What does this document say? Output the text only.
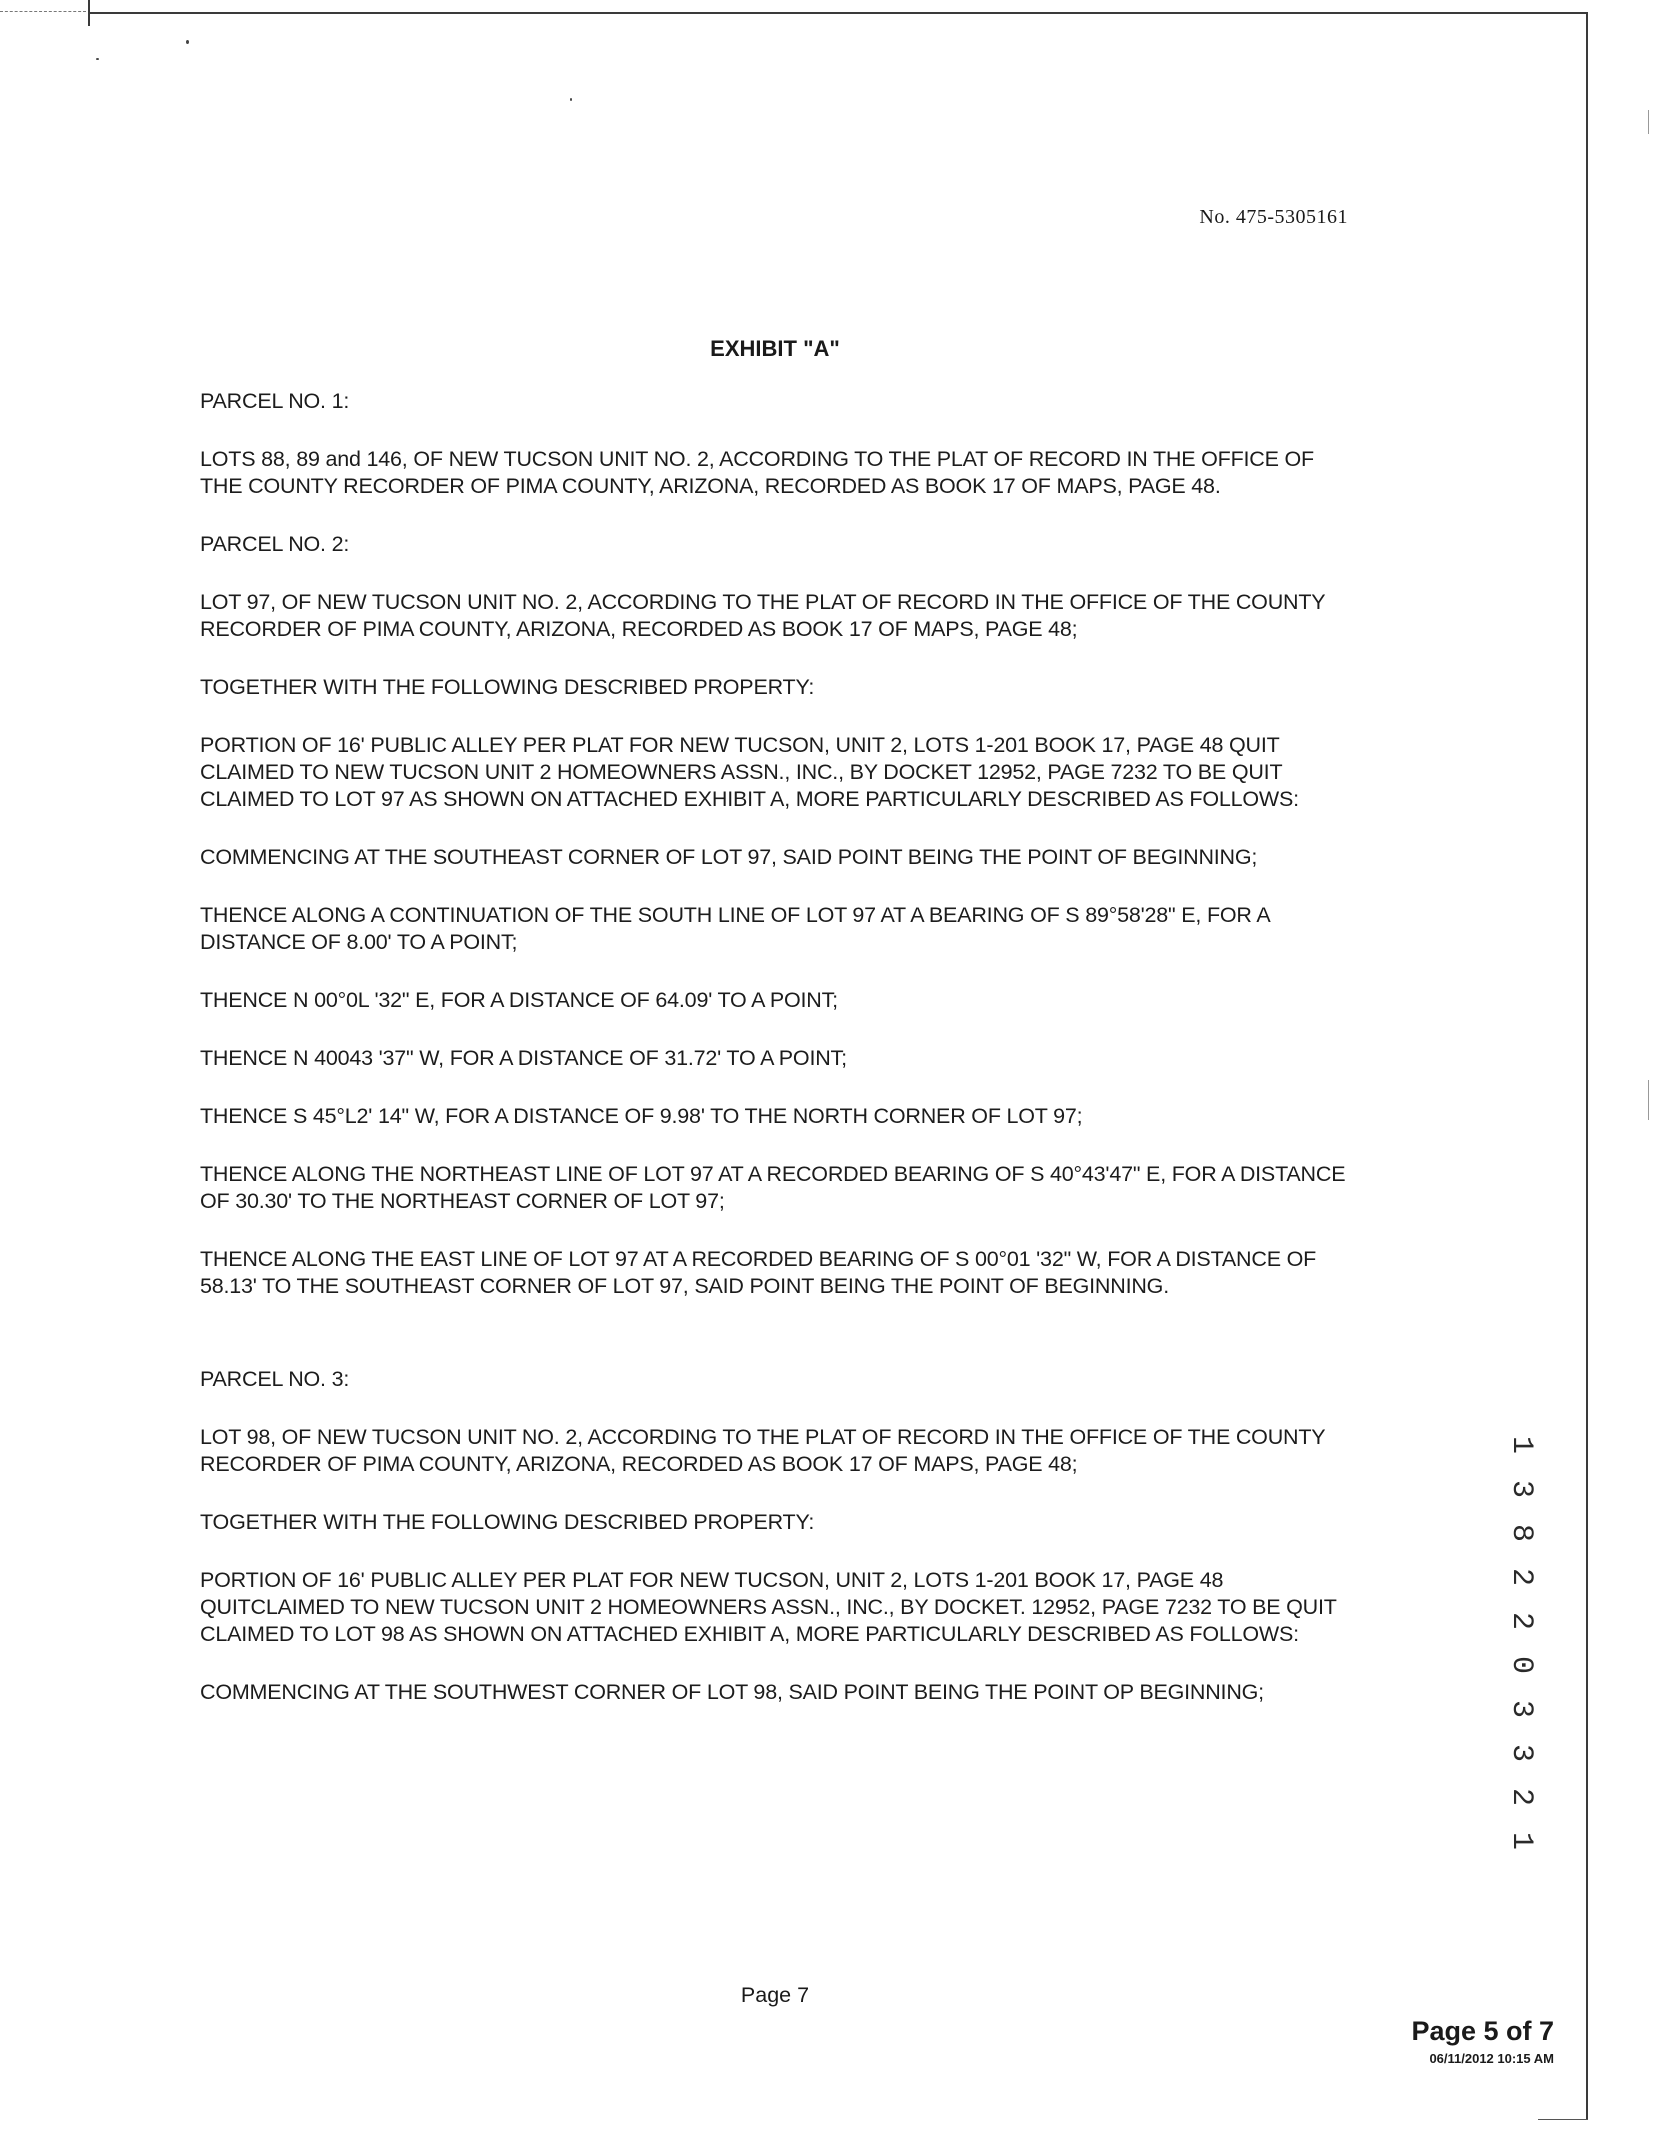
No. 475-5305161
EXHIBIT "A"

PARCEL NO. 1:

LOTS 88, 89 and 146, OF NEW TUCSON UNIT NO. 2, ACCORDING TO THE PLAT OF RECORD IN THE OFFICE OF THE COUNTY RECORDER OF PIMA COUNTY, ARIZONA, RECORDED AS BOOK 17 OF MAPS, PAGE 48.

PARCEL NO. 2:

LOT 97, OF NEW TUCSON UNIT NO. 2, ACCORDING TO THE PLAT OF RECORD IN THE OFFICE OF THE COUNTY RECORDER OF PIMA COUNTY, ARIZONA, RECORDED AS BOOK 17 OF MAPS, PAGE 48;

TOGETHER WITH THE FOLLOWING DESCRIBED PROPERTY:

PORTION OF 16' PUBLIC ALLEY PER PLAT FOR NEW TUCSON, UNIT 2, LOTS 1-201 BOOK 17, PAGE 48 QUIT CLAIMED TO NEW TUCSON UNIT 2 HOMEOWNERS ASSN., INC., BY DOCKET 12952, PAGE 7232 TO BE QUIT CLAIMED TO LOT 97 AS SHOWN ON ATTACHED EXHIBIT A, MORE PARTICULARLY DESCRIBED AS FOLLOWS:

COMMENCING AT THE SOUTHEAST CORNER OF LOT 97, SAID POINT BEING THE POINT OF BEGINNING;

THENCE ALONG A CONTINUATION OF THE SOUTH LINE OF LOT 97 AT A BEARING OF S 89°58'28" E, FOR A DISTANCE OF 8.00' TO A POINT;

THENCE N 00°0L '32" E, FOR A DISTANCE OF 64.09' TO A POINT;

THENCE N 40043 '37" W, FOR A DISTANCE OF 31.72' TO A POINT;

THENCE S 45°L2' 14" W, FOR A DISTANCE OF 9.98' TO THE NORTH CORNER OF LOT 97;

THENCE ALONG THE NORTHEAST LINE OF LOT 97 AT A RECORDED BEARING OF S 40°43'47" E, FOR A DISTANCE OF 30.30' TO THE NORTHEAST CORNER OF LOT 97;

THENCE ALONG THE EAST LINE OF LOT 97 AT A RECORDED BEARING OF S 00°01 '32" W, FOR A DISTANCE OF 58.13' TO THE SOUTHEAST CORNER OF LOT 97, SAID POINT BEING THE POINT OF BEGINNING.

PARCEL NO. 3:

LOT 98, OF NEW TUCSON UNIT NO. 2, ACCORDING TO THE PLAT OF RECORD IN THE OFFICE OF THE COUNTY RECORDER OF PIMA COUNTY, ARIZONA, RECORDED AS BOOK 17 OF MAPS, PAGE 48;

TOGETHER WITH THE FOLLOWING DESCRIBED PROPERTY:

PORTION OF 16' PUBLIC ALLEY PER PLAT FOR NEW TUCSON, UNIT 2, LOTS 1-201 BOOK 17, PAGE 48 QUITCLAIMED TO NEW TUCSON UNIT 2 HOMEOWNERS ASSN., INC., BY DOCKET. 12952, PAGE 7232 TO BE QUIT CLAIMED TO LOT 98 AS SHOWN ON ATTACHED EXHIBIT A, MORE PARTICULARLY DESCRIBED AS FOLLOWS:

COMMENCING AT THE SOUTHWEST CORNER OF LOT 98, SAID POINT BEING THE POINT OP BEGINNING;

Page 7
Page 5 of 7
06/11/2012 10:15 AM
1 3 8 2 2 0 3 3 2 1
